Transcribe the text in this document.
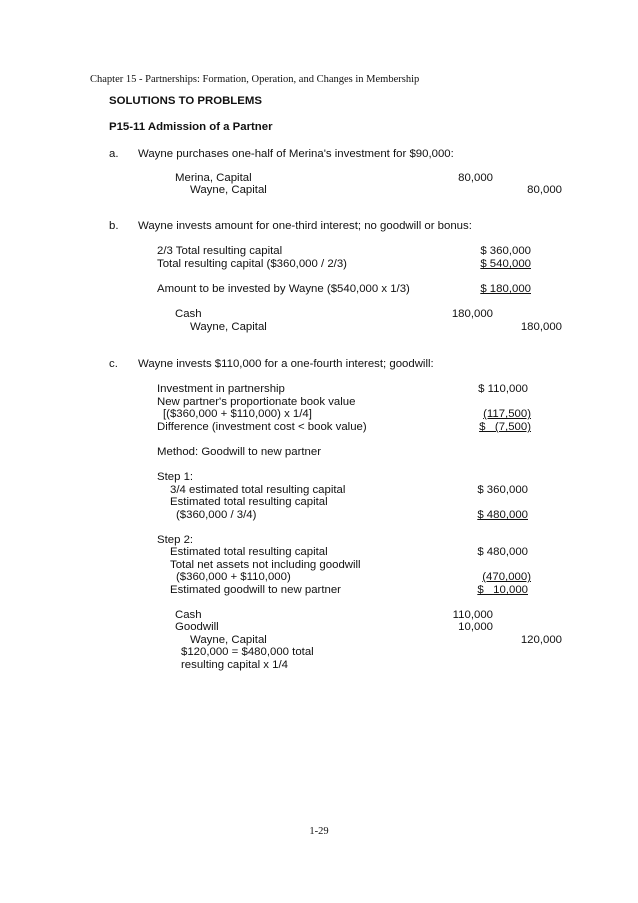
Chapter 15 - Partnerships: Formation, Operation, and Changes in Membership
SOLUTIONS TO PROBLEMS
P15-11 Admission of a Partner
a. Wayne purchases one-half of Merina's investment for $90,000:
Merina, Capital	80,000
Wayne, Capital	80,000
b. Wayne invests amount for one-third interest; no goodwill or bonus:
2/3 Total resulting capital	$ 360,000
Total resulting capital ($360,000 / 2/3)	$ 540,000
Amount to be invested by Wayne ($540,000 x 1/3)	$ 180,000
Cash	180,000
Wayne, Capital	180,000
c. Wayne invests $110,000 for a one-fourth interest; goodwill:
Investment in partnership	$ 110,000
New partner's proportionate book value
[($360,000 + $110,000) x 1/4]	(117,500)
Difference (investment cost < book value)	$   (7,500)
Method: Goodwill to new partner
Step 1:
3/4 estimated total resulting capital	$ 360,000
Estimated total resulting capital
($360,000 / 3/4)	$ 480,000
Step 2:
Estimated total resulting capital	$ 480,000
Total net assets not including goodwill
($360,000 + $110,000)	(470,000)
Estimated goodwill to new partner	$   10,000
Cash	110,000
Goodwill	10,000
Wayne, Capital	120,000
$120,000 = $480,000 total
resulting capital x 1/4
1-29
